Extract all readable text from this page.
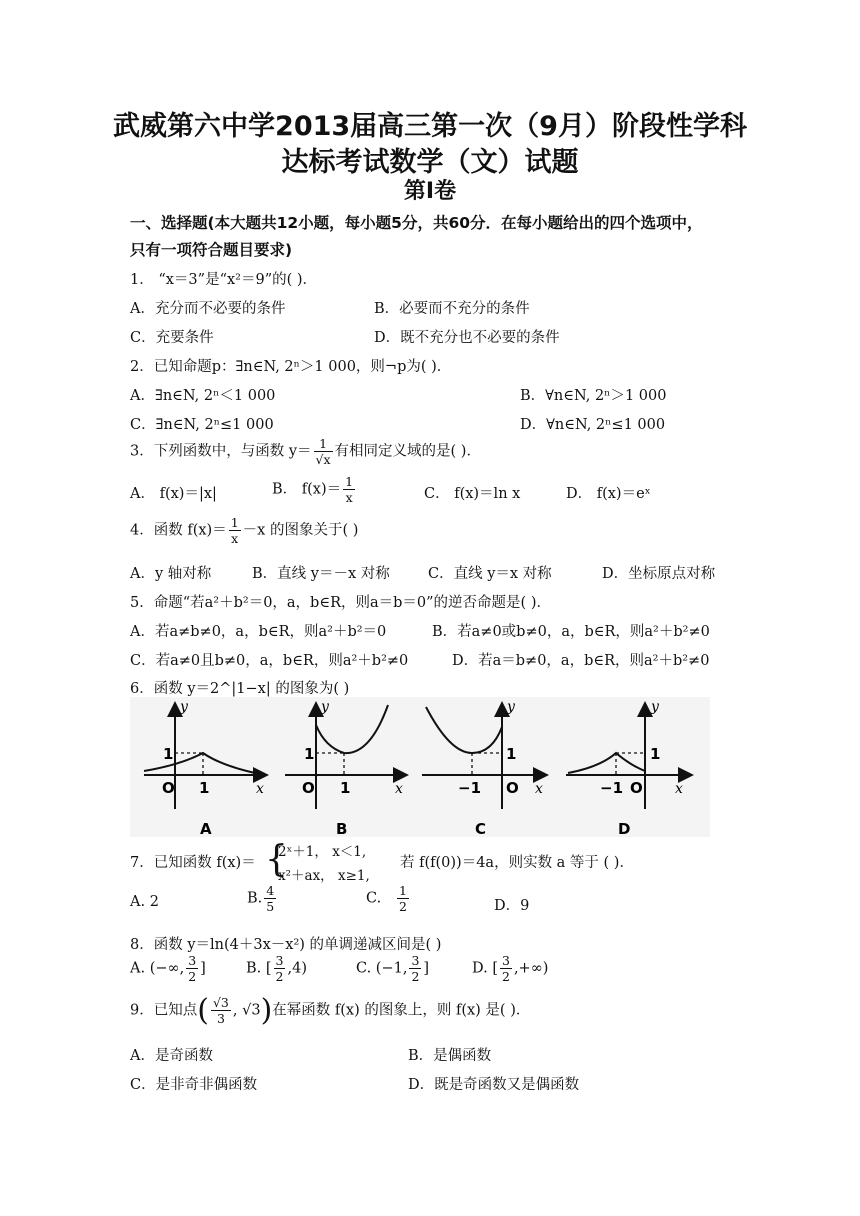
武威第六中学2013届高三第一次（9月）阶段性学科
达标考试数学（文）试题
第Ⅰ卷
一、选择题(本大题共12小题，每小题5分，共60分．在每小题给出的四个选项中，
只有一项符合题目要求)
1． “x＝3”是“x²＝9”的( )．
A．充分而不必要的条件	B．必要而不充分的条件
C．充要条件	D．既不充分也不必要的条件
2．已知命题p：∃n∈N, 2ⁿ＞1 000，则¬p为( )．
A．∃n∈N, 2ⁿ＜1 000	B．∀n∈N, 2ⁿ＞1 000
C．∃n∈N, 2ⁿ≤1 000	D．∀n∈N, 2ⁿ≤1 000
3．下列函数中，与函数 $y= \frac{1}{√x}$ 有相同定义域的是( )．
A． f(x)＝|x|	B． $f(x)= \frac{1}{x}$	C． f(x)＝ln x	D． f(x)＝eˣ
4．函数 $f(x)= \frac{1}{x} -x$ 的图象关于( )
A．y 轴对称	B．直线 y＝－x 对称	C．直线 y＝x 对称	D．坐标原点对称
5．命题“若a²＋b²＝0，a，b∈R，则a＝b＝0”的逆否命题是( )．
A．若a≠b≠0，a，b∈R，则a²＋b²＝0	B．若a≠0或b≠0，a，b∈R，则a²＋b²≠0
C．若a≠0且b≠0，a，b∈R，则a²＋b²≠0	D．若a＝b≠0，a，b∈R，则a²＋b²≠0
6．函数 y＝2^|1−x| 的图象为( )
y
x
O
1
1
A
y
x
O
1
1
B
y
x
O
1
−1
C
y
x
O
1
−1
D
7．已知函数 f(x)＝ {
2ˣ＋1， x＜1,
x²＋ax， x≥1,
若 f(f(0))＝4a，则实数 a 等于 ( )．
A. 2	B. $\frac{4}{5}$	C. $\frac{1}{2}$	D．9
8．函数 y＝ln(4＋3x－x²) 的单调递减区间是( )
A. (−∞, $\frac{3}{2}$ ]	B. [ $\frac{3}{2} ,4$)	C. (−1, $\frac{3}{2}$ ]	D. [ $\frac{3}{2}$ ,+∞)
9．已知点( $\frac{√3}{3}$ , √3)在幂函数 f(x) 的图象上，则 f(x) 是( )．
A．是奇函数	B．是偶函数
C．是非奇非偶函数	D．既是奇函数又是偶函数
